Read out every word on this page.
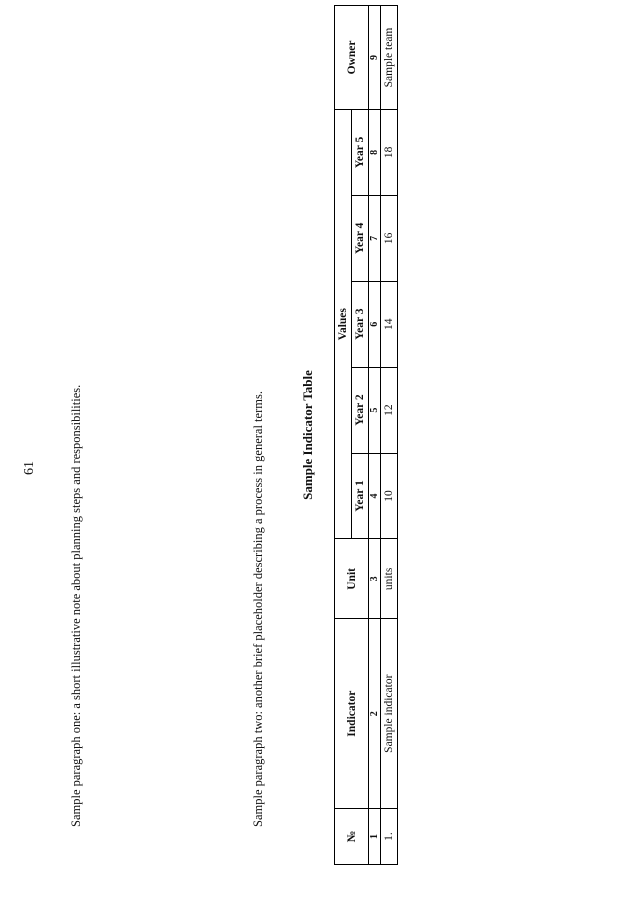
61	Sample paragraph one: a short illustrative note about planning steps and responsibilities.	Sample paragraph two: another brief placeholder describing a process in general terms.	Sample Indicator Table
№	Indicator	Unit	Values					Owner
			Year 1	Year 2	Year 3	Year 4	Year 5	
1	2	3	4	5	6	7	8	9
1.	Sample indicator	units	10	12	14	16	18	Sample team
